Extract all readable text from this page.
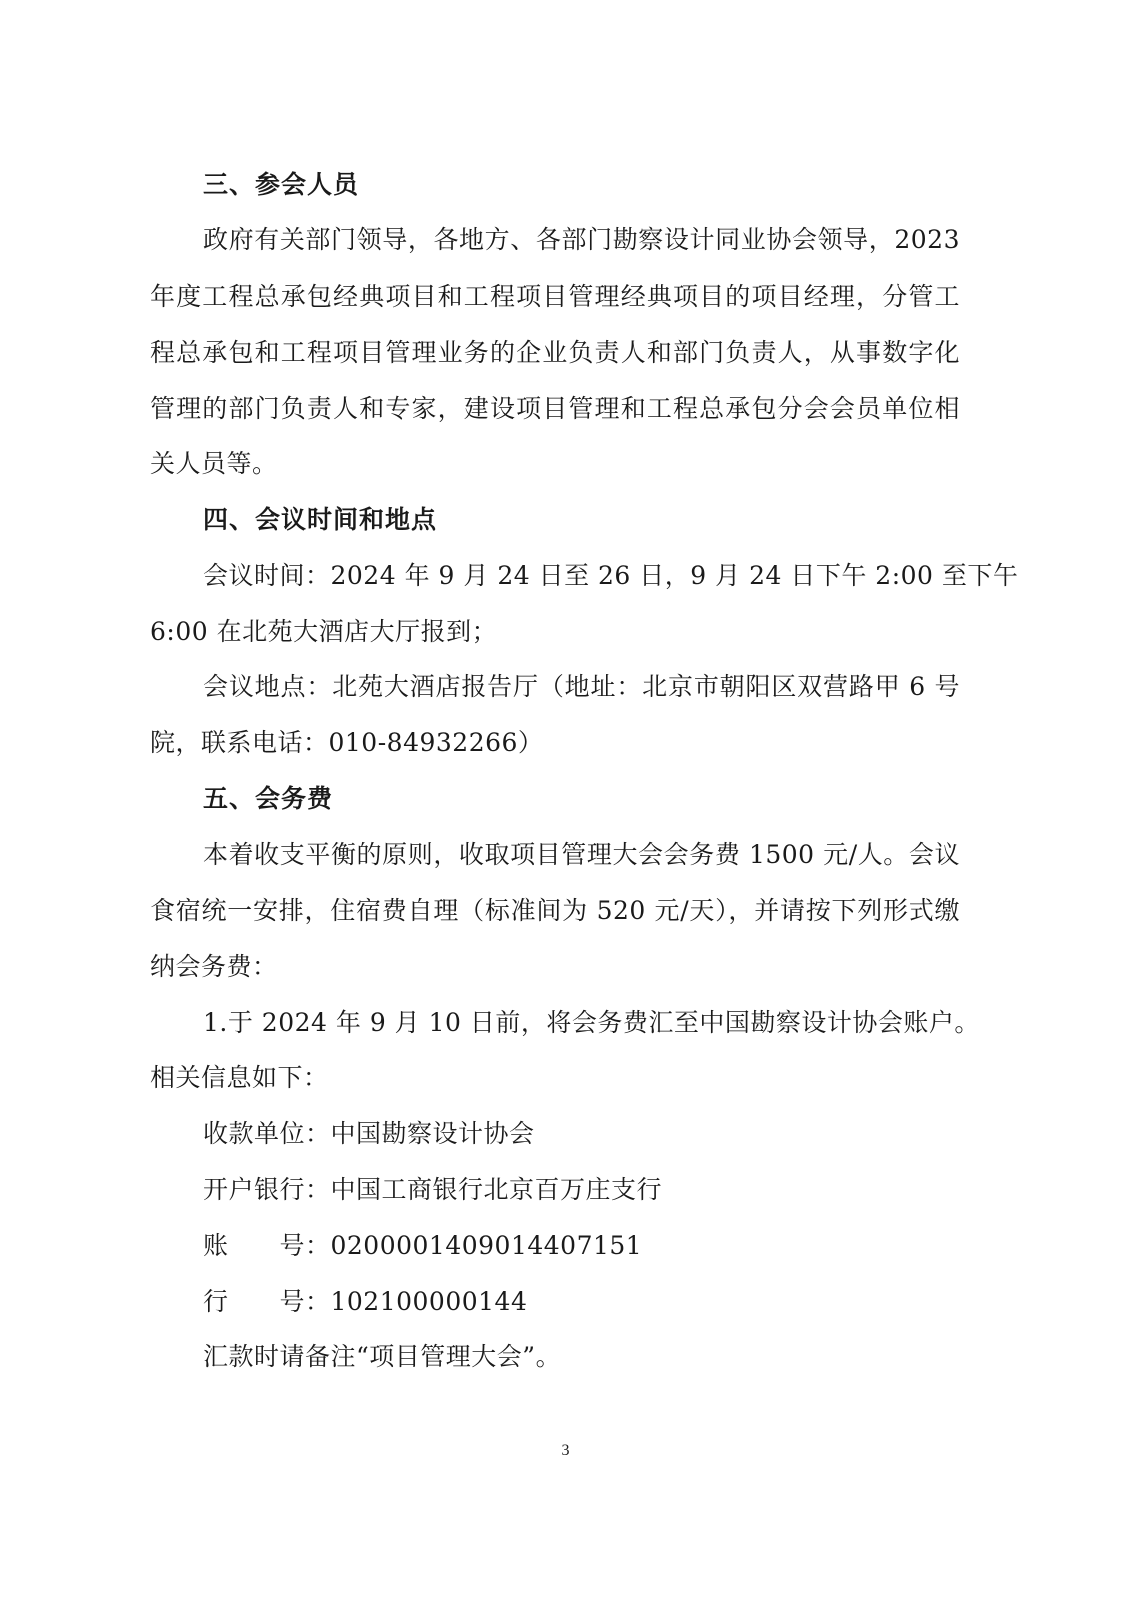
三、参会人员
政府有关部门领导，各地方、各部门勘察设计同业协会领导，2023
年度工程总承包经典项目和工程项目管理经典项目的项目经理，分管工
程总承包和工程项目管理业务的企业负责人和部门负责人，从事数字化
管理的部门负责人和专家，建设项目管理和工程总承包分会会员单位相
关人员等。
四、会议时间和地点
会议时间：2024 年 9 月 24 日至 26 日，9 月 24 日下午 2:00 至下午
6:00 在北苑大酒店大厅报到；
会议地点：北苑大酒店报告厅（地址：北京市朝阳区双营路甲 6 号
院，联系电话：010-84932266）
五、会务费
本着收支平衡的原则，收取项目管理大会会务费 1500 元/人。会议
食宿统一安排，住宿费自理（标准间为 520 元/天），并请按下列形式缴
纳会务费：
1.于 2024 年 9 月 10 日前，将会务费汇至中国勘察设计协会账户。
相关信息如下：
收款单位：中国勘察设计协会
开户银行：中国工商银行北京百万庄支行
账　　号：0200001409014407151
行　　号：102100000144
汇款时请备注“项目管理大会”。
3
